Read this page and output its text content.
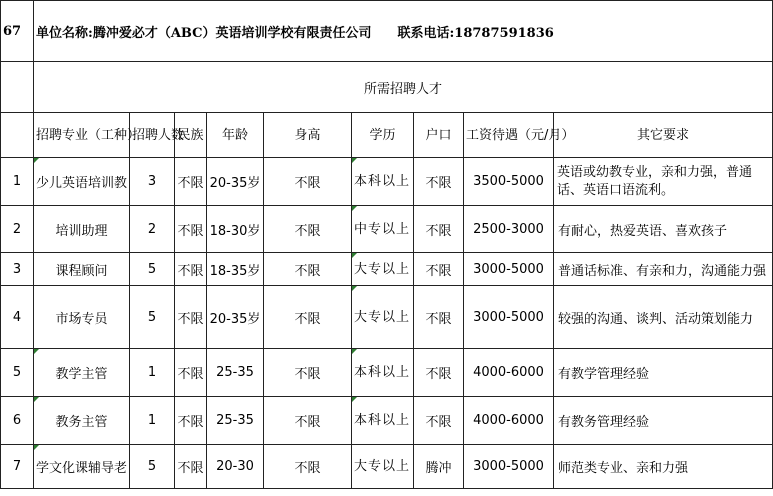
67	单位名称:腾冲爱必才（ABC）英语培训学校有限责任公司 联系电话:18787591836								
	所需招聘人才								
	招聘专业（工种）	招聘人数	民族	年龄	身高	学历	户口	工资待遇（元/月）	其它要求
1	少儿英语培训教	3	不限	20-35岁	不限	本科以上	不限	3500-5000	英语或幼教专业，亲和力强，普通话、英语口语流利。
2	培训助理	2	不限	18-30岁	不限	中专以上	不限	2500-3000	有耐心，热爱英语、喜欢孩子
3	课程顾问	5	不限	18-35岁	不限	大专以上	不限	3000-5000	普通话标准、有亲和力，沟通能力强
4	市场专员	5	不限	20-35岁	不限	大专以上	不限	3000-5000	较强的沟通、谈判、活动策划能力
5	教学主管	1	不限	25-35	不限	本科以上	不限	4000-6000	有教学管理经验
6	教务主管	1	不限	25-35	不限	本科以上	不限	4000-6000	有教务管理经验
7	学文化课辅导老	5	不限	20-30	不限	大专以上	腾冲	3000-5000	师范类专业、亲和力强
